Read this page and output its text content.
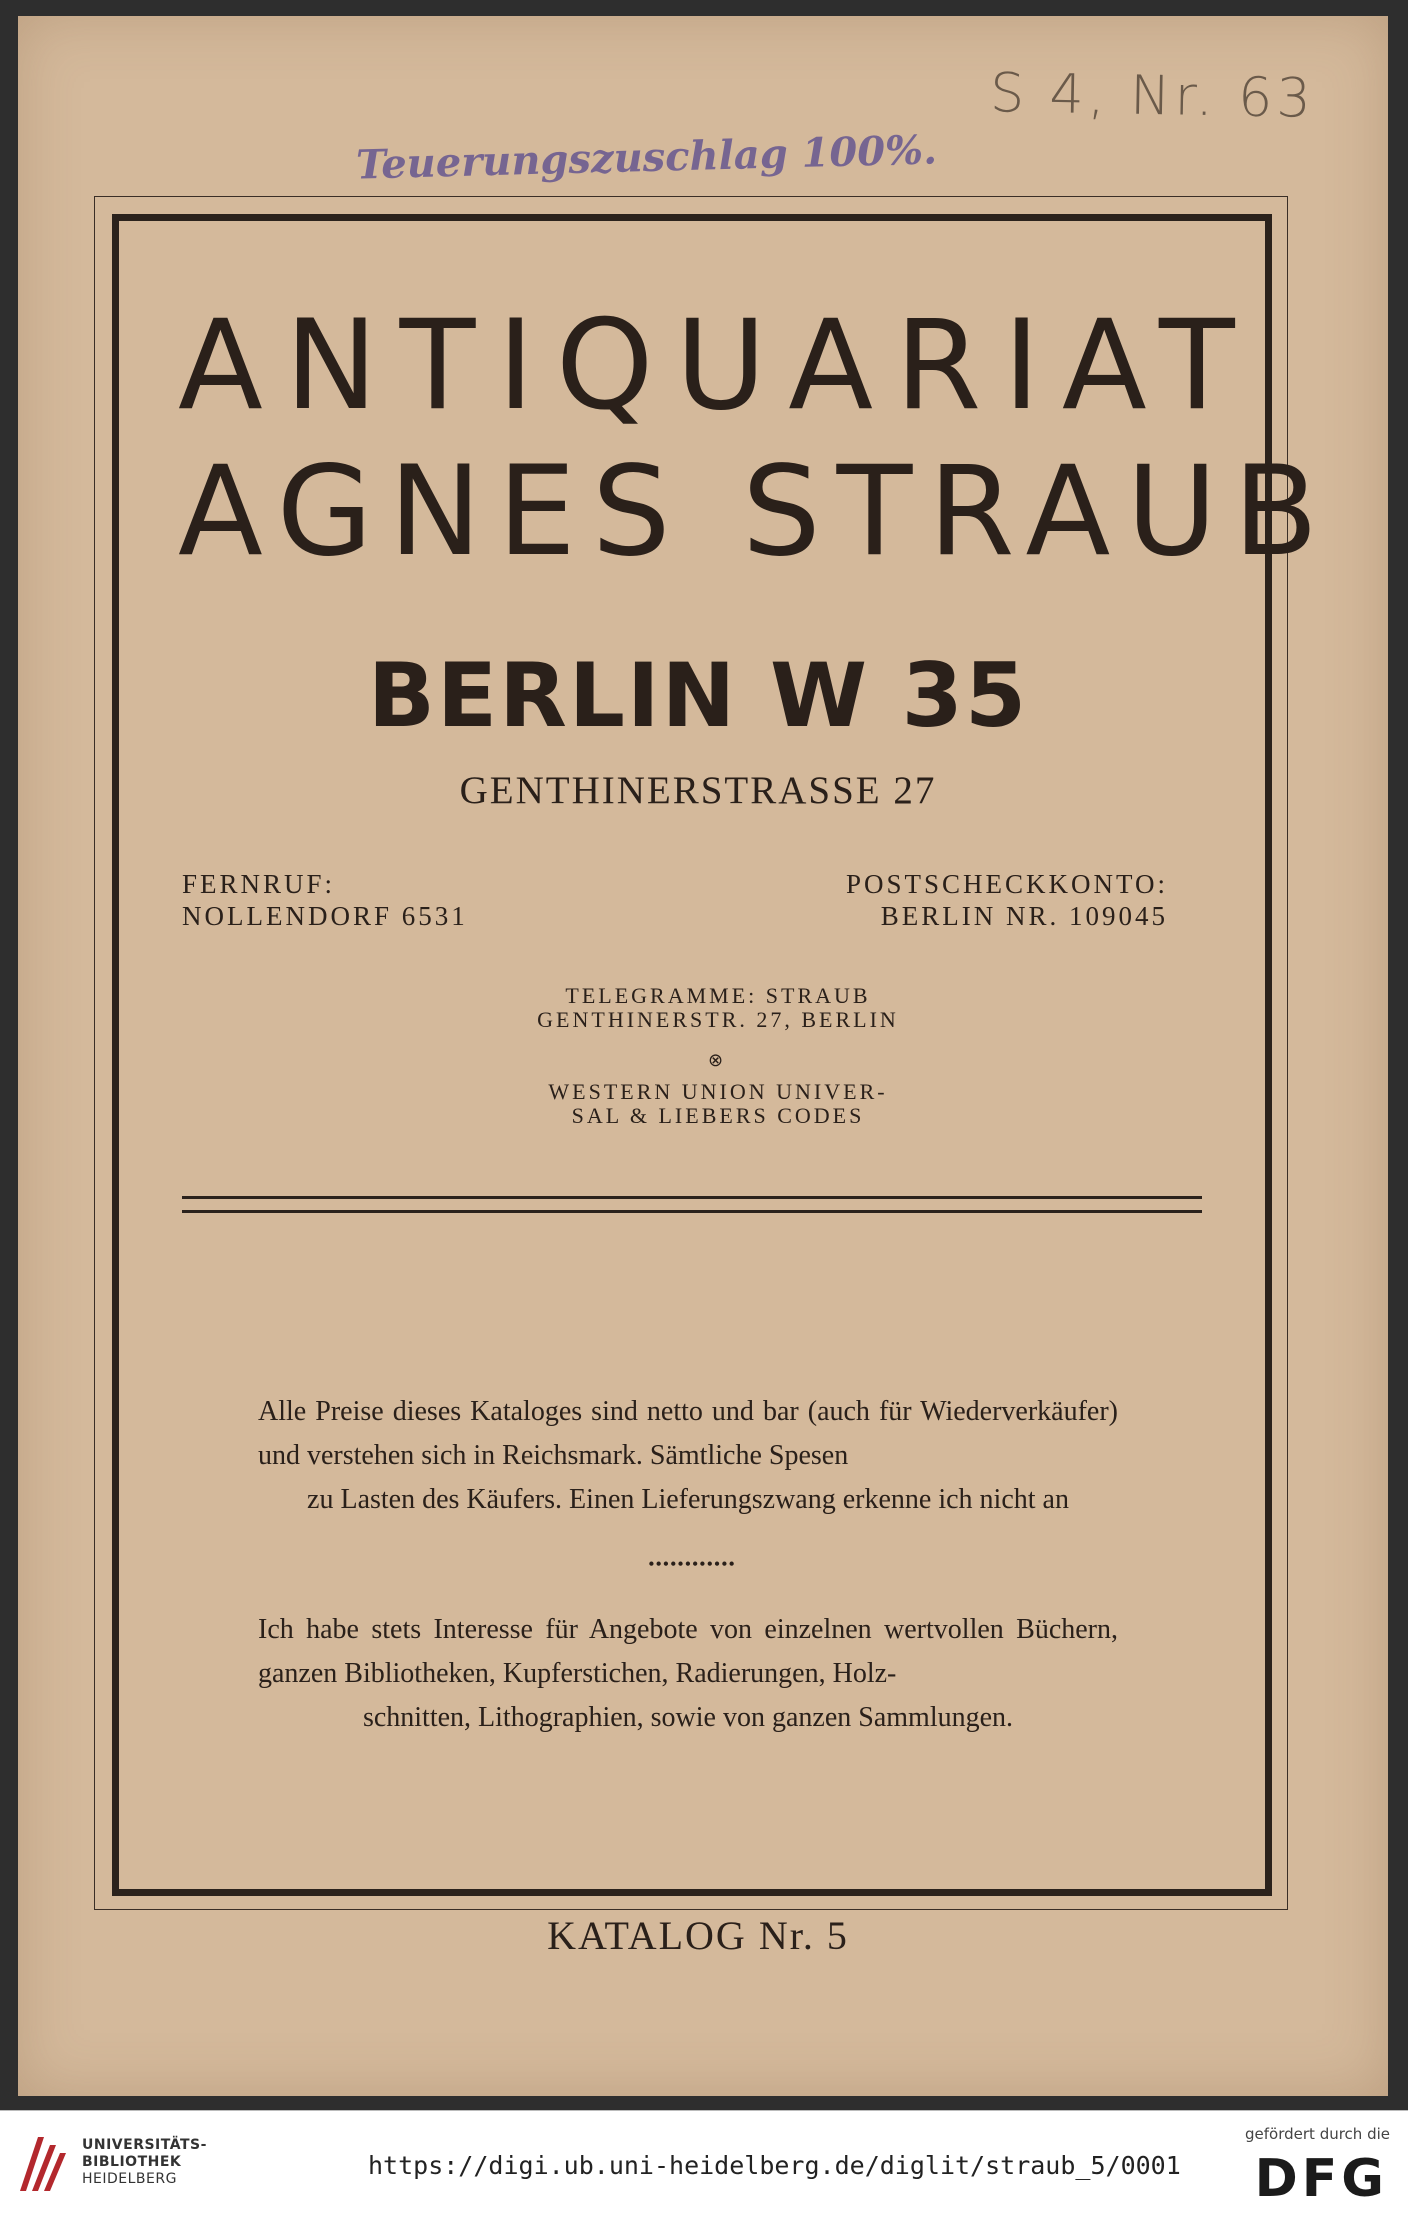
S 4, Nr. 63
Teuerungszuschlag 100%.
ANTIQUARIAT
AGNES STRAUB
BERLIN W 35
GENTHINERSTRASSE 27
FERNRUF:
NOLLENDORF 6531
POSTSCHECKKONTO:
BERLIN NR. 109045
TELEGRAMME: STRAUB
GENTHINERSTR. 27, BERLIN
⊗
WESTERN UNION UNIVER-
SAL & LIEBERS CODES
Alle Preise dieses Kataloges sind netto und bar (auch für Wiederverkäufer) und verstehen sich in Reichsmark. Sämtliche Spesen
zu Lasten des Käufers. Einen Lieferungszwang erkenne ich nicht an
••••••••••••
Ich habe stets Interesse für Angebote von einzelnen wertvollen Büchern, ganzen Bibliotheken, Kupferstichen, Radierungen, Holz-
schnitten, Lithographien, sowie von ganzen Sammlungen.
KATALOG Nr. 5
UNIVERSITÄTS-
BIBLIOTHEK
HEIDELBERG	https://digi.ub.uni-heidelberg.de/diglit/straub_5/0001
gefördert durch die
DFG
